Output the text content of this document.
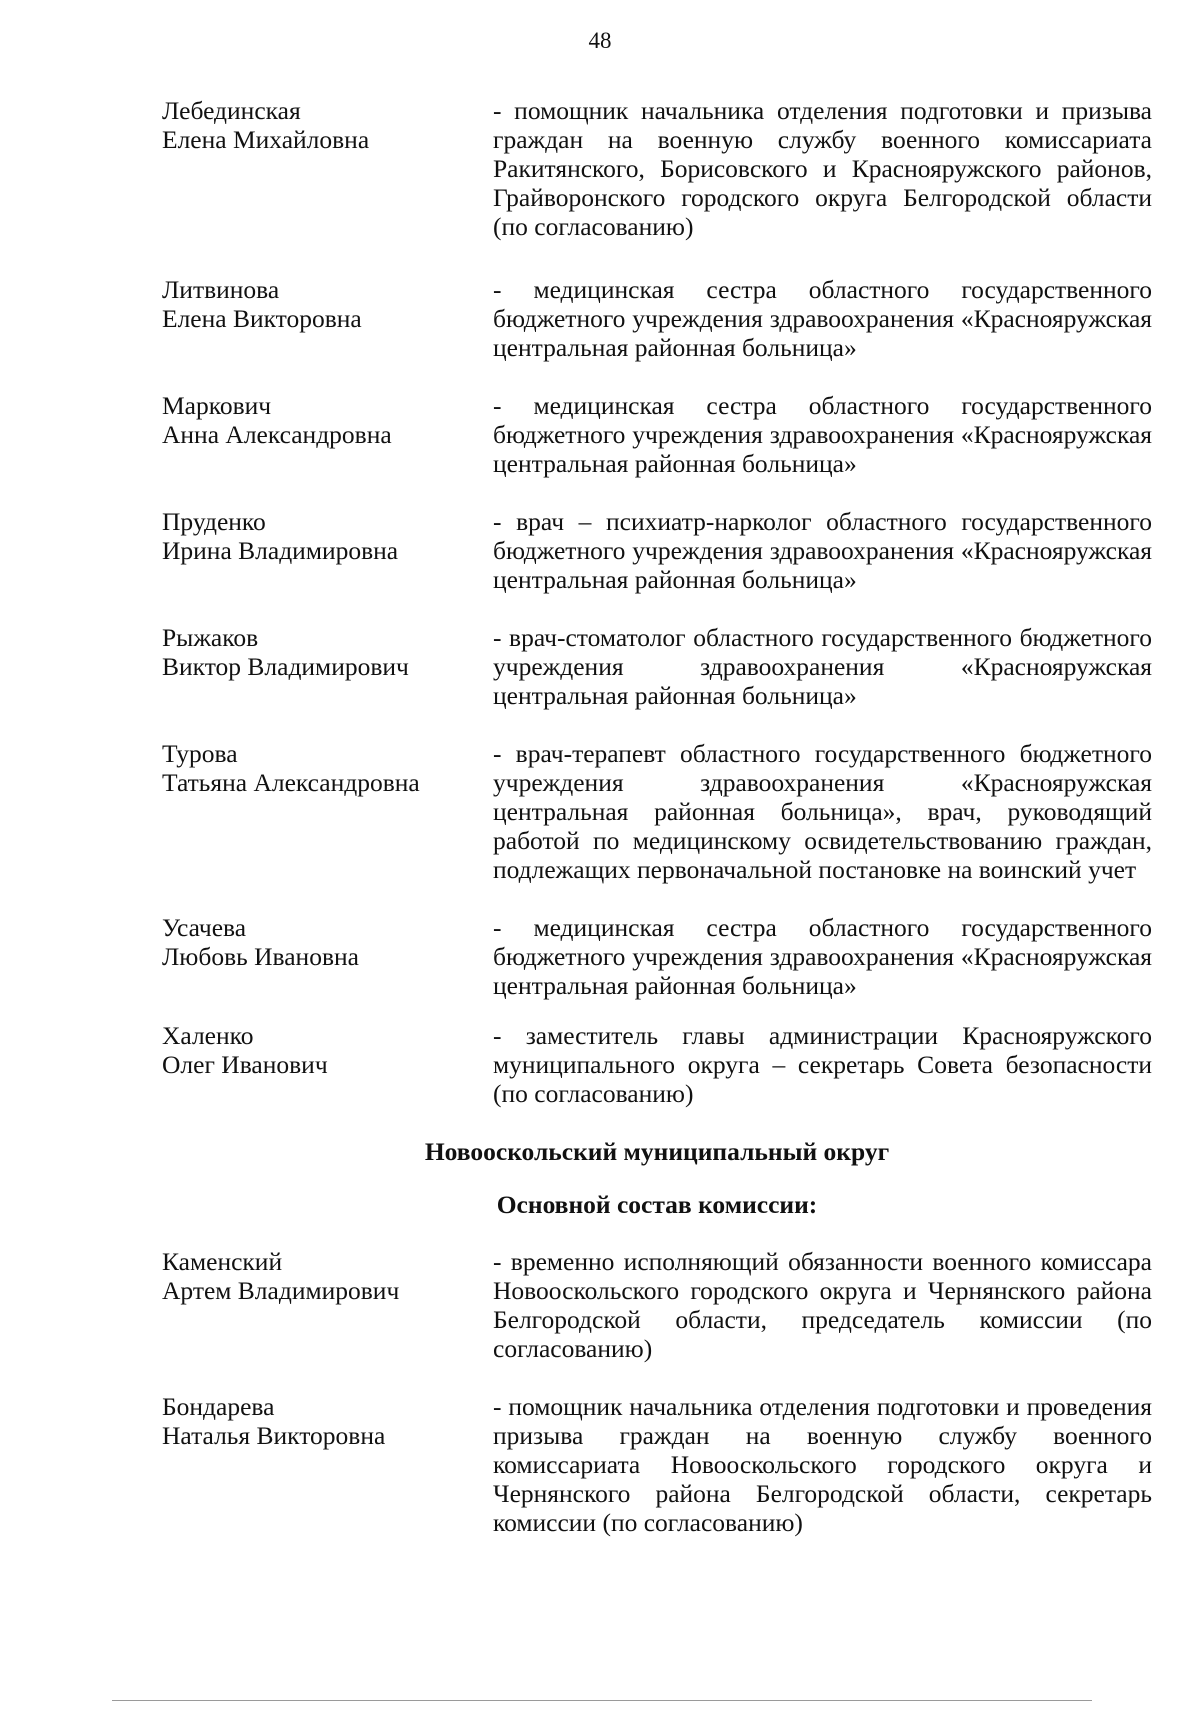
48
Лебединская
Елена Михайловна
- помощник начальника отделения подготовки и призыва граждан на военную службу военного комиссариата Ракитянского, Борисовского и Краснояружского районов, Грайворонского городского округа Белгородской области (по согласованию)
Литвинова
Елена Викторовна
- медицинская сестра областного государственного бюджетного учреждения здравоохранения «Краснояружская центральная районная больница»
Маркович
Анна Александровна
- медицинская сестра областного государственного бюджетного учреждения здравоохранения «Краснояружская центральная районная больница»
Пруденко
Ирина Владимировна
- врач – психиатр-нарколог областного государственного бюджетного учреждения здравоохранения «Краснояружская центральная районная больница»
Рыжаков
Виктор Владимирович
- врач-стоматолог областного государственного бюджетного учреждения здравоохранения «Краснояружская центральная районная больница»
Турова
Татьяна Александровна
- врач-терапевт областного государственного бюджетного учреждения здравоохранения «Краснояружская центральная районная больница», врач, руководящий работой по медицинскому освидетельствованию граждан, подлежащих первоначальной постановке на воинский учет
Усачева
Любовь Ивановна
- медицинская сестра областного государственного бюджетного учреждения здравоохранения «Краснояружская центральная районная больница»
Халенко
Олег Иванович
- заместитель главы администрации Краснояружского муниципального округа – секретарь Совета безопасности (по согласованию)
Новооскольский муниципальный округ
Основной состав комиссии:
Каменский
Артем Владимирович
- временно исполняющий обязанности военного комиссара Новооскольского городского округа и Чернянского района Белгородской области, председатель комиссии (по согласованию)
Бондарева
Наталья Викторовна
- помощник начальника отделения подготовки и проведения призыва граждан на военную службу военного комиссариата Новооскольского городского округа и Чернянского района Белгородской области, секретарь комиссии (по согласованию)
